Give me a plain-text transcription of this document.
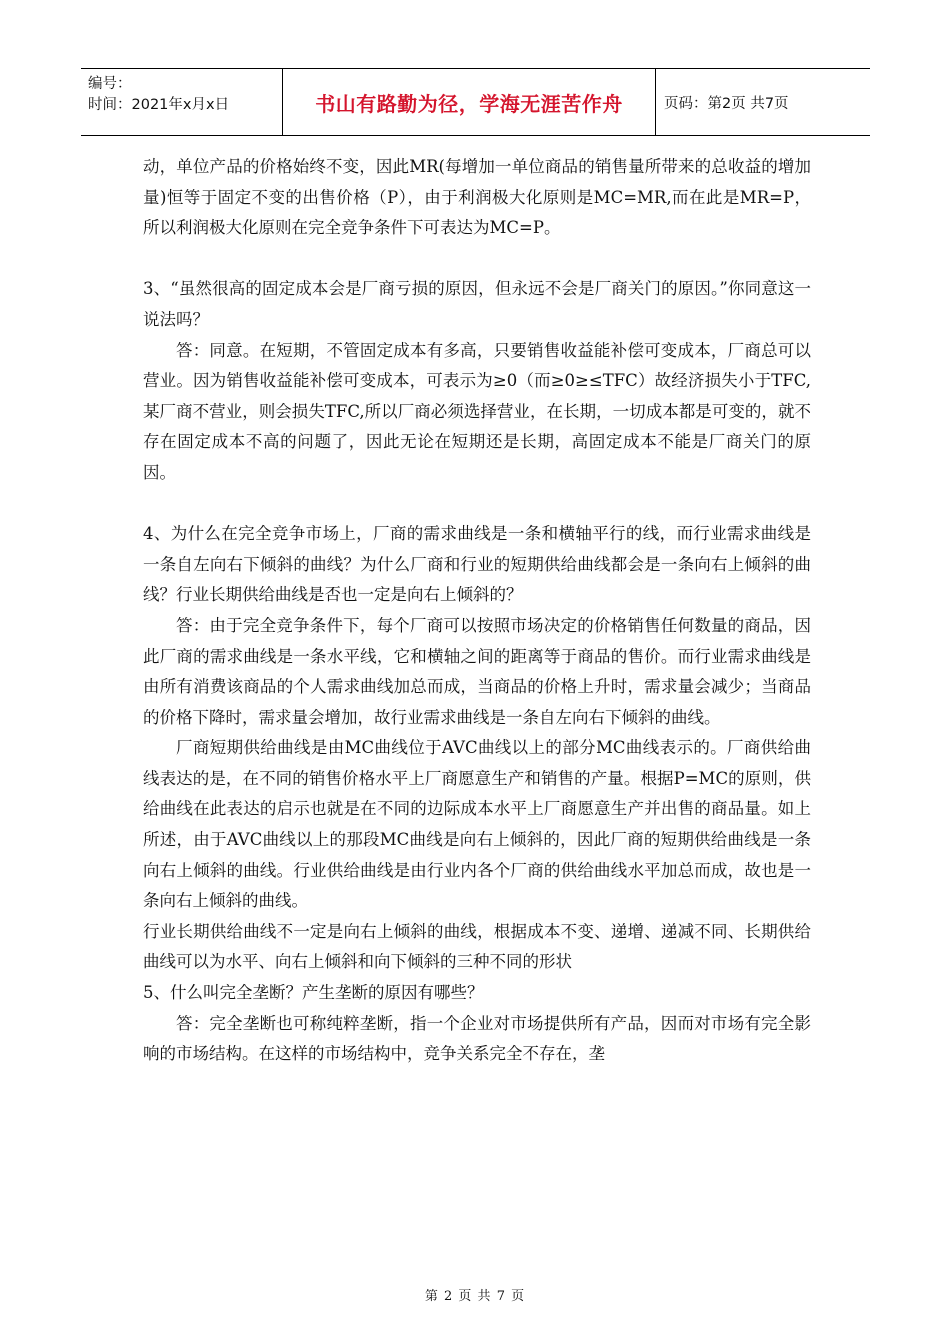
编号：
时间：2021年x月x日	书山有路勤为径，学海无涯苦作舟	页码：第2页 共7页

动，单位产品的价格始终不变，因此MR(每增加一单位商品的销售量所带来的总收益的增加量)恒等于固定不变的出售价格（P），由于利润极大化原则是MC=MR,而在此是MR=P，所以利润极大化原则在完全竞争条件下可表达为MC=P。

3、“虽然很高的固定成本会是厂商亏损的原因，但永远不会是厂商关门的原因。”你同意这一说法吗？

答：同意。在短期，不管固定成本有多高，只要销售收益能补偿可变成本，厂商总可以营业。因为销售收益能补偿可变成本，可表示为≥0（而≥0≥≤TFC）故经济损失小于TFC,某厂商不营业，则会损失TFC,所以厂商必须选择营业，在长期，一切成本都是可变的，就不存在固定成本不高的问题了，因此无论在短期还是长期，高固定成本不能是厂商关门的原因。

4、为什么在完全竞争市场上，厂商的需求曲线是一条和横轴平行的线，而行业需求曲线是一条自左向右下倾斜的曲线？为什么厂商和行业的短期供给曲线都会是一条向右上倾斜的曲线？行业长期供给曲线是否也一定是向右上倾斜的？

答：由于完全竞争条件下，每个厂商可以按照市场决定的价格销售任何数量的商品，因此厂商的需求曲线是一条水平线，它和横轴之间的距离等于商品的售价。而行业需求曲线是由所有消费该商品的个人需求曲线加总而成，当商品的价格上升时，需求量会减少；当商品的价格下降时，需求量会增加，故行业需求曲线是一条自左向右下倾斜的曲线。

厂商短期供给曲线是由MC曲线位于AVC曲线以上的部分MC曲线表示的。厂商供给曲线表达的是，在不同的销售价格水平上厂商愿意生产和销售的产量。根据P=MC的原则，供给曲线在此表达的启示也就是在不同的边际成本水平上厂商愿意生产并出售的商品量。如上所述，由于AVC曲线以上的那段MC曲线是向右上倾斜的，因此厂商的短期供给曲线是一条向右上倾斜的曲线。行业供给曲线是由行业内各个厂商的供给曲线水平加总而成，故也是一条向右上倾斜的曲线。

行业长期供给曲线不一定是向右上倾斜的曲线，根据成本不变、递增、递减不同、长期供给曲线可以为水平、向右上倾斜和向下倾斜的三种不同的形状

5、什么叫完全垄断？产生垄断的原因有哪些？

答：完全垄断也可称纯粹垄断，指一个企业对市场提供所有产品，因而对市场有完全影响的市场结构。在这样的市场结构中，竞争关系完全不存在，垄

第 2 页 共 7 页
